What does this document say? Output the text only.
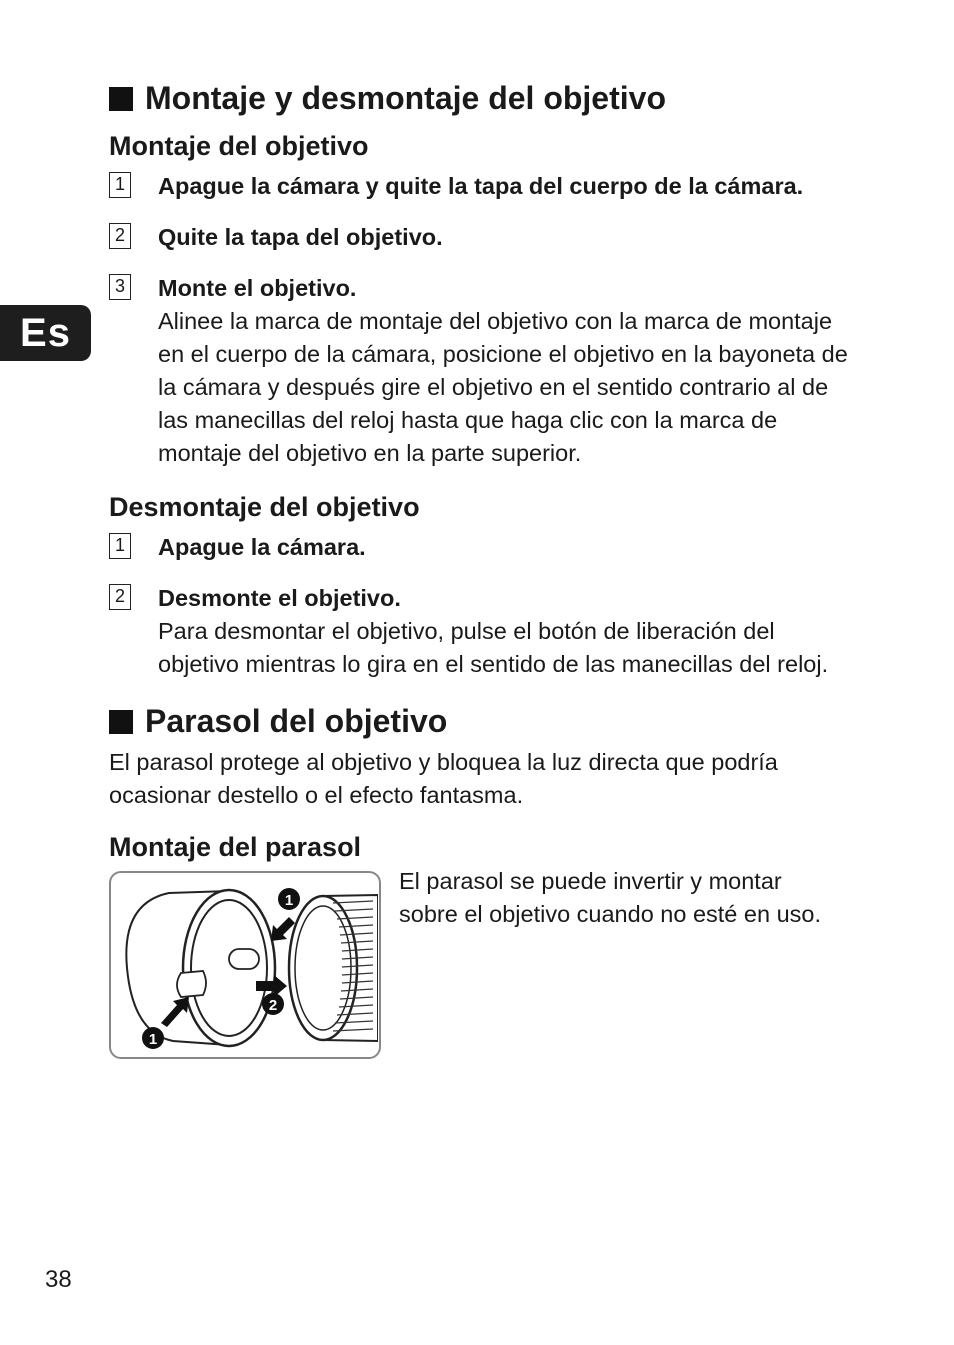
Es
Montaje y desmontaje del objetivo
Montaje del objetivo
1 Apague la cámara y quite la tapa del cuerpo de la cámara.
2 Quite la tapa del objetivo.
3 Monte el objetivo.
Alinee la marca de montaje del objetivo con la marca de montaje en el cuerpo de la cámara, posicione el objetivo en la bayoneta de la cámara y después gire el objetivo en el sentido contrario al de las manecillas del reloj hasta que haga clic con la marca de montaje del objetivo en la parte superior.
Desmontaje del objetivo
1 Apague la cámara.
2 Desmonte el objetivo.
Para desmontar el objetivo, pulse el botón de liberación del objetivo mientras lo gira en el sentido de las manecillas del reloj.
Parasol del objetivo
El parasol protege al objetivo y bloquea la luz directa que podría ocasionar destello o el efecto fantasma.
Montaje del parasol
1
2
1
El parasol se puede invertir y montar sobre el objetivo cuando no esté en uso.
38
